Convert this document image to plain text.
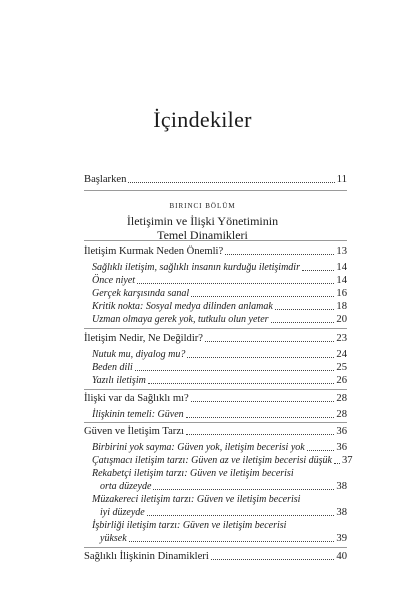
İçindekiler
Başlarken	11
BIRINCI BÖLÜM
İletişimin ve İlişki Yönetiminin
Temel Dinamikleri
İletişim Kurmak Neden Önemli?	13
Sağlıklı iletişim, sağlıklı insanın kurduğu iletişimdir	14
Önce niyet	14
Gerçek karşısında sanal	16
Kritik nokta: Sosyal medya dilinden anlamak	18
Uzman olmaya gerek yok, tutkulu olun yeter	20
İletişim Nedir, Ne Değildir?	23
Nutuk mu, diyalog mu?	24
Beden dili	25
Yazılı iletişim	26
İlişki var da Sağlıklı mı?	28
İlişkinin temeli: Güven	28
Güven ve İletişim Tarzı	36
Birbirini yok sayma: Güven yok, iletişim becerisi yok	36
Çatışmacı iletişim tarzı: Güven az ve iletişim becerisi düşük 37
Rekabetçi iletişim tarzı: Güven ve iletişim becerisi
orta düzeyde	38
Müzakereci iletişim tarzı: Güven ve iletişim becerisi
iyi düzeyde	38
İşbirliği iletişim tarzı: Güven ve iletişim becerisi
yüksek	39
Sağlıklı İlişkinin Dinamikleri	40
